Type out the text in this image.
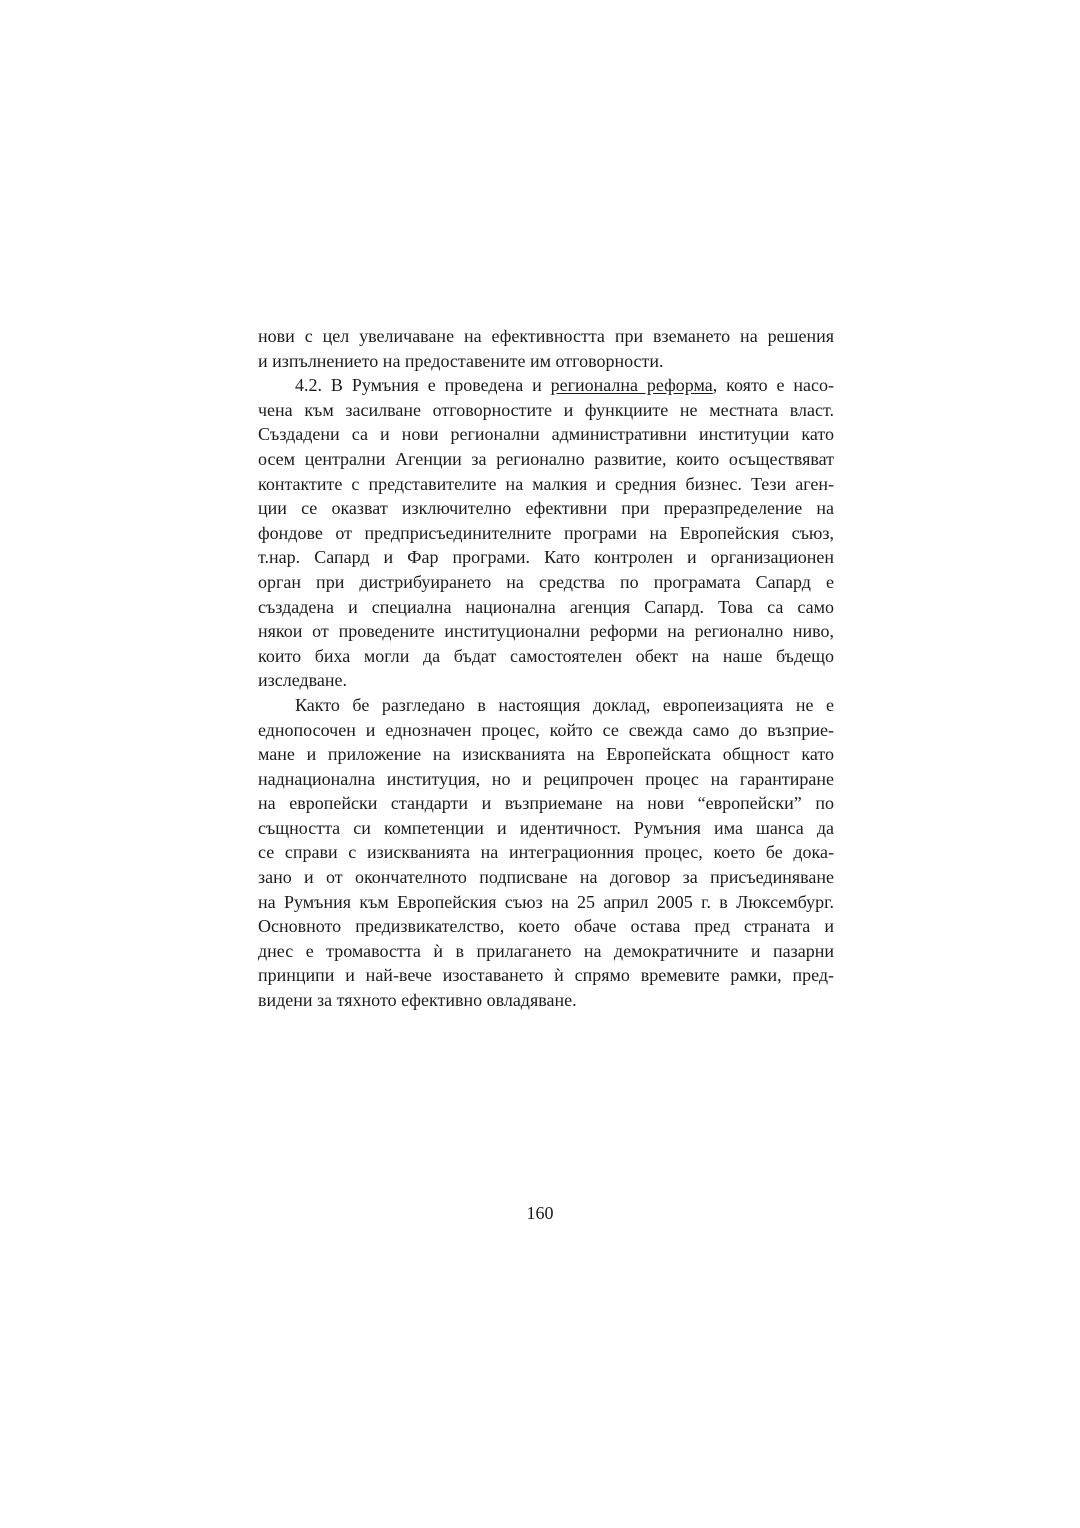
нови с цел увеличаване на ефективността при вземането на решения
и изпълнението на предоставените им отговорности.
4.2. В Румъния е проведена и регионална реформа, която е насо-
чена към засилване отговорностите и функциите не местната власт.
Създадени са и нови регионални административни институции като
осем централни Агенции за регионално развитие, които осъществяват
контактите с представителите на малкия и средния бизнес. Тези аген-
ции се оказват изключително ефективни при преразпределение на
фондове от предприсъединителните програми на Европейския съюз,
т.нар. Сапард и Фар програми. Като контролен и организационен
орган при дистрибуирането на средства по програмата Сапард е
създадена и специална национална агенция Сапард. Това са само
някои от проведените институционални реформи на регионално ниво,
които биха могли да бъдат самостоятелен обект на наше бъдещо
изследване.
Както бе разгледано в настоящия доклад, европеизацията не е
еднопосочен и еднозначен процес, който се свежда само до възприе-
мане и приложение на изискванията на Европейската общност като
наднационална институция, но и реципрочен процес на гарантиране
на европейски стандарти и възприемане на нови “европейски” по
същността си компетенции и идентичност. Румъния има шанса да
се справи с изискванията на интеграционния процес, което бе дока-
зано и от окончателното подписване на договор за присъединяване
на Румъния към Европейския съюз на 25 април 2005 г. в Люксембург.
Основното предизвикателство, което обаче остава пред страната и
днес е тромавостта ѝ в прилагането на демократичните и пазарни
принципи и най-вече изоставането ѝ спрямо времевите рамки, пред-
видени за тяхното ефективно овладяване.
160
